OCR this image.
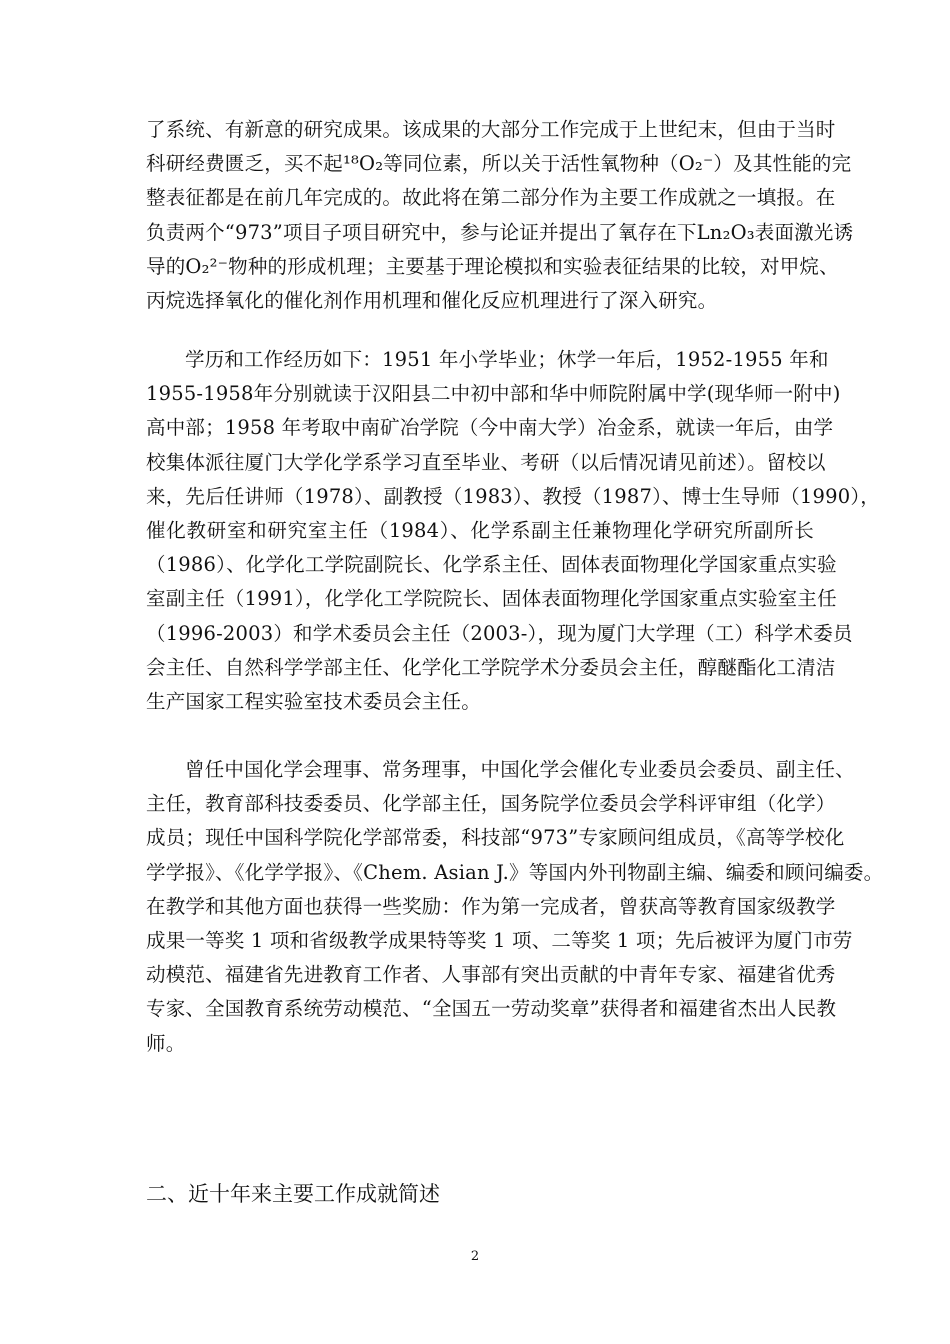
了系统、有新意的研究成果。该成果的大部分工作完成于上世纪末，但由于当时
科研经费匮乏，买不起¹⁸O₂等同位素，所以关于活性氧物种（O₂⁻）及其性能的完
整表征都是在前几年完成的。故此将在第二部分作为主要工作成就之一填报。在
负责两个“973”项目子项目研究中，参与论证并提出了氧存在下Ln₂O₃表面激光诱
导的O₂²⁻物种的形成机理；主要基于理论模拟和实验表征结果的比较，对甲烷、
丙烷选择氧化的催化剂作用机理和催化反应机理进行了深入研究。
学历和工作经历如下：1951 年小学毕业；休学一年后，1952-1955 年和
1955-1958年分别就读于汉阳县二中初中部和华中师院附属中学(现华师一附中)
高中部；1958 年考取中南矿冶学院（今中南大学）冶金系，就读一年后，由学
校集体派往厦门大学化学系学习直至毕业、考研（以后情况请见前述）。留校以
来，先后任讲师（1978）、副教授（1983）、教授（1987）、博士生导师（1990），
催化教研室和研究室主任（1984）、化学系副主任兼物理化学研究所副所长
（1986）、化学化工学院副院长、化学系主任、固体表面物理化学国家重点实验
室副主任（1991），化学化工学院院长、固体表面物理化学国家重点实验室主任
（1996-2003）和学术委员会主任（2003-），现为厦门大学理（工）科学术委员
会主任、自然科学学部主任、化学化工学院学术分委员会主任，醇醚酯化工清洁
生产国家工程实验室技术委员会主任。
曾任中国化学会理事、常务理事，中国化学会催化专业委员会委员、副主任、
主任，教育部科技委委员、化学部主任，国务院学位委员会学科评审组（化学）
成员；现任中国科学院化学部常委，科技部“973”专家顾问组成员，《高等学校化
学学报》、《化学学报》、《Chem. Asian J.》等国内外刊物副主编、编委和顾问编委。
在教学和其他方面也获得一些奖励：作为第一完成者，曾获高等教育国家级教学
成果一等奖 1 项和省级教学成果特等奖 1 项、二等奖 1 项；先后被评为厦门市劳
动模范、福建省先进教育工作者、人事部有突出贡献的中青年专家、福建省优秀
专家、全国教育系统劳动模范、“全国五一劳动奖章”获得者和福建省杰出人民教
师。
二、近十年来主要工作成就简述
2
